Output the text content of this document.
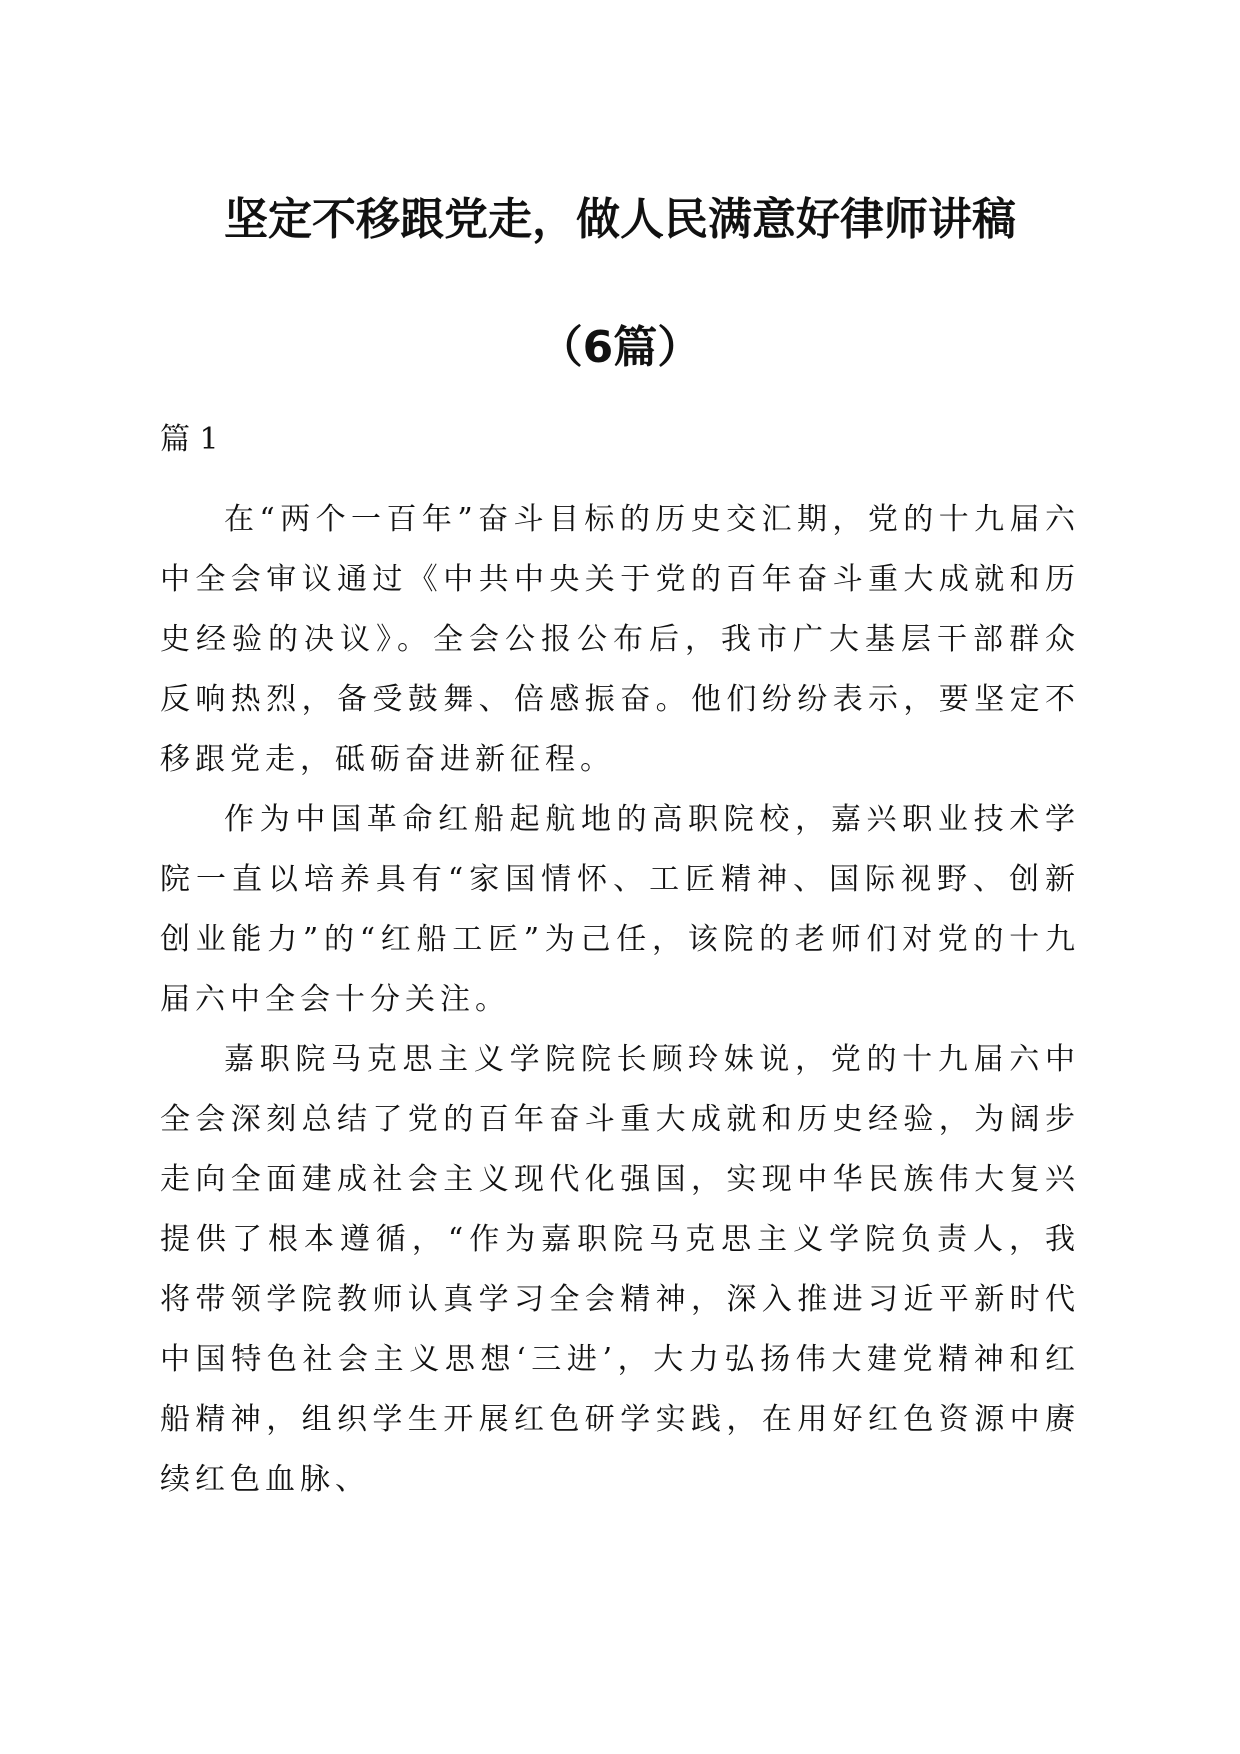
坚定不移跟党走，做人民满意好律师讲稿
（6篇）
篇 1

在“两个一百年”奋斗目标的历史交汇期，党的十九届六中全会审议通过《中共中央关于党的百年奋斗重大成就和历史经验的决议》。全会公报公布后，我市广大基层干部群众反响热烈，备受鼓舞、倍感振奋。他们纷纷表示，要坚定不移跟党走，砥砺奋进新征程。

作为中国革命红船起航地的高职院校，嘉兴职业技术学院一直以培养具有“家国情怀、工匠精神、国际视野、创新创业能力”的“红船工匠”为己任，该院的老师们对党的十九届六中全会十分关注。

嘉职院马克思主义学院院长顾玲妹说，党的十九届六中全会深刻总结了党的百年奋斗重大成就和历史经验，为阔步走向全面建成社会主义现代化强国，实现中华民族伟大复兴提供了根本遵循，“作为嘉职院马克思主义学院负责人，我将带领学院教师认真学习全会精神，深入推进习近平新时代中国特色社会主义思想‘三进’，大力弘扬伟大建党精神和红船精神，组织学生开展红色研学实践，在用好红色资源中赓续红色血脉、
